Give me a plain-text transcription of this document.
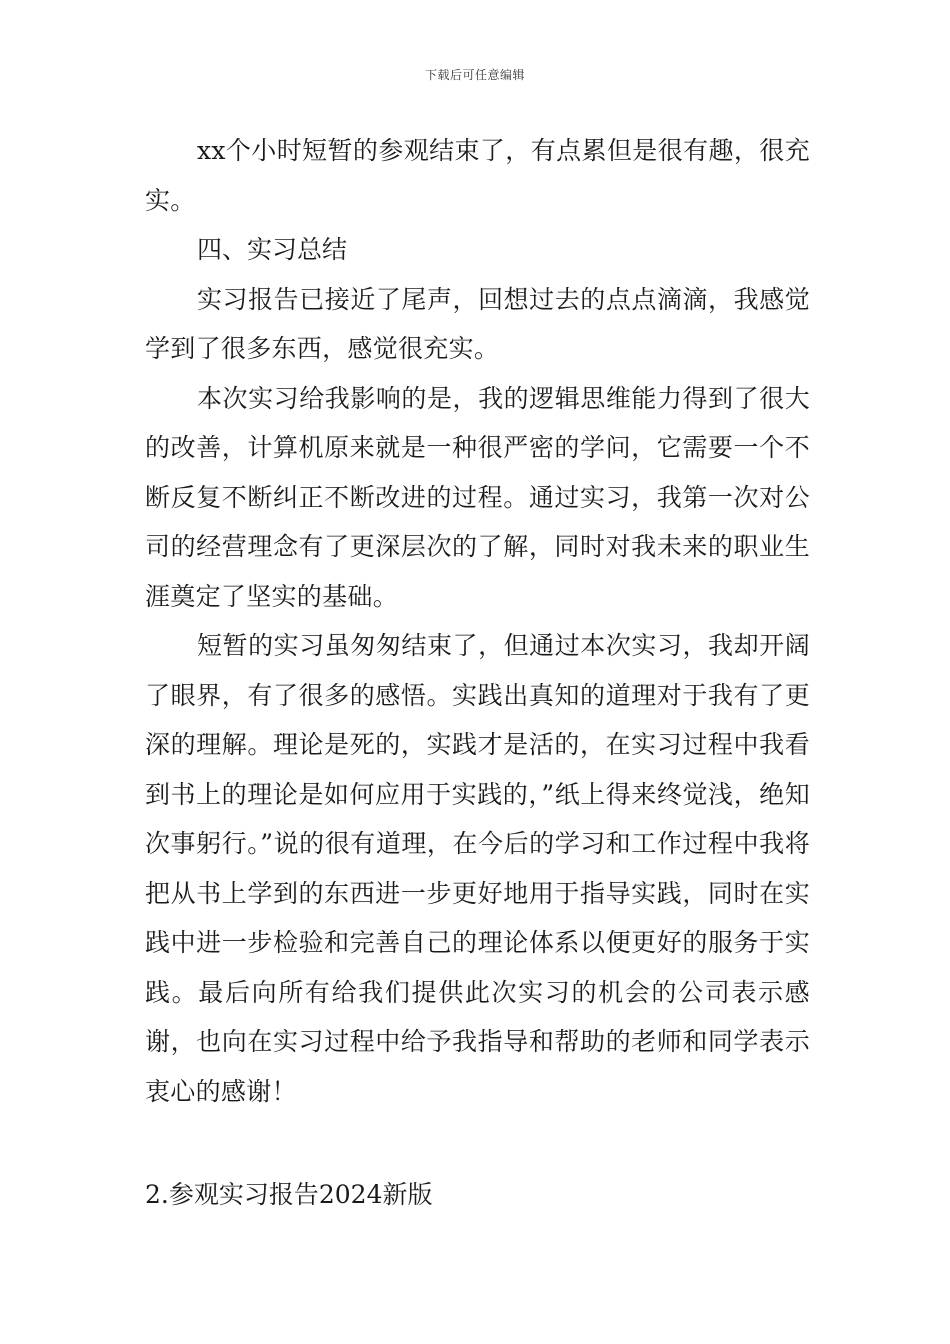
下载后可任意编辑

xx个小时短暂的参观结束了，有点累但是很有趣，很充实。

四、实习总结

实习报告已接近了尾声，回想过去的点点滴滴，我感觉学到了很多东西，感觉很充实。

本次实习给我影响的是，我的逻辑思维能力得到了很大的改善，计算机原来就是一种很严密的学问，它需要一个不断反复不断纠正不断改进的过程。通过实习，我第一次对公司的经营理念有了更深层次的了解，同时对我未来的职业生涯奠定了坚实的基础。

短暂的实习虽匆匆结束了，但通过本次实习，我却开阔了眼界，有了很多的感悟。实践出真知的道理对于我有了更深的理解。理论是死的，实践才是活的，在实习过程中我看到书上的理论是如何应用于实践的，”纸上得来终觉浅，绝知次事躬行。”说的很有道理，在今后的学习和工作过程中我将把从书上学到的东西进一步更好地用于指导实践，同时在实践中进一步检验和完善自己的理论体系以便更好的服务于实践。最后向所有给我们提供此次实习的机会的公司表示感谢，也向在实习过程中给予我指导和帮助的老师和同学表示衷心的感谢！

2.参观实习报告2024新版
